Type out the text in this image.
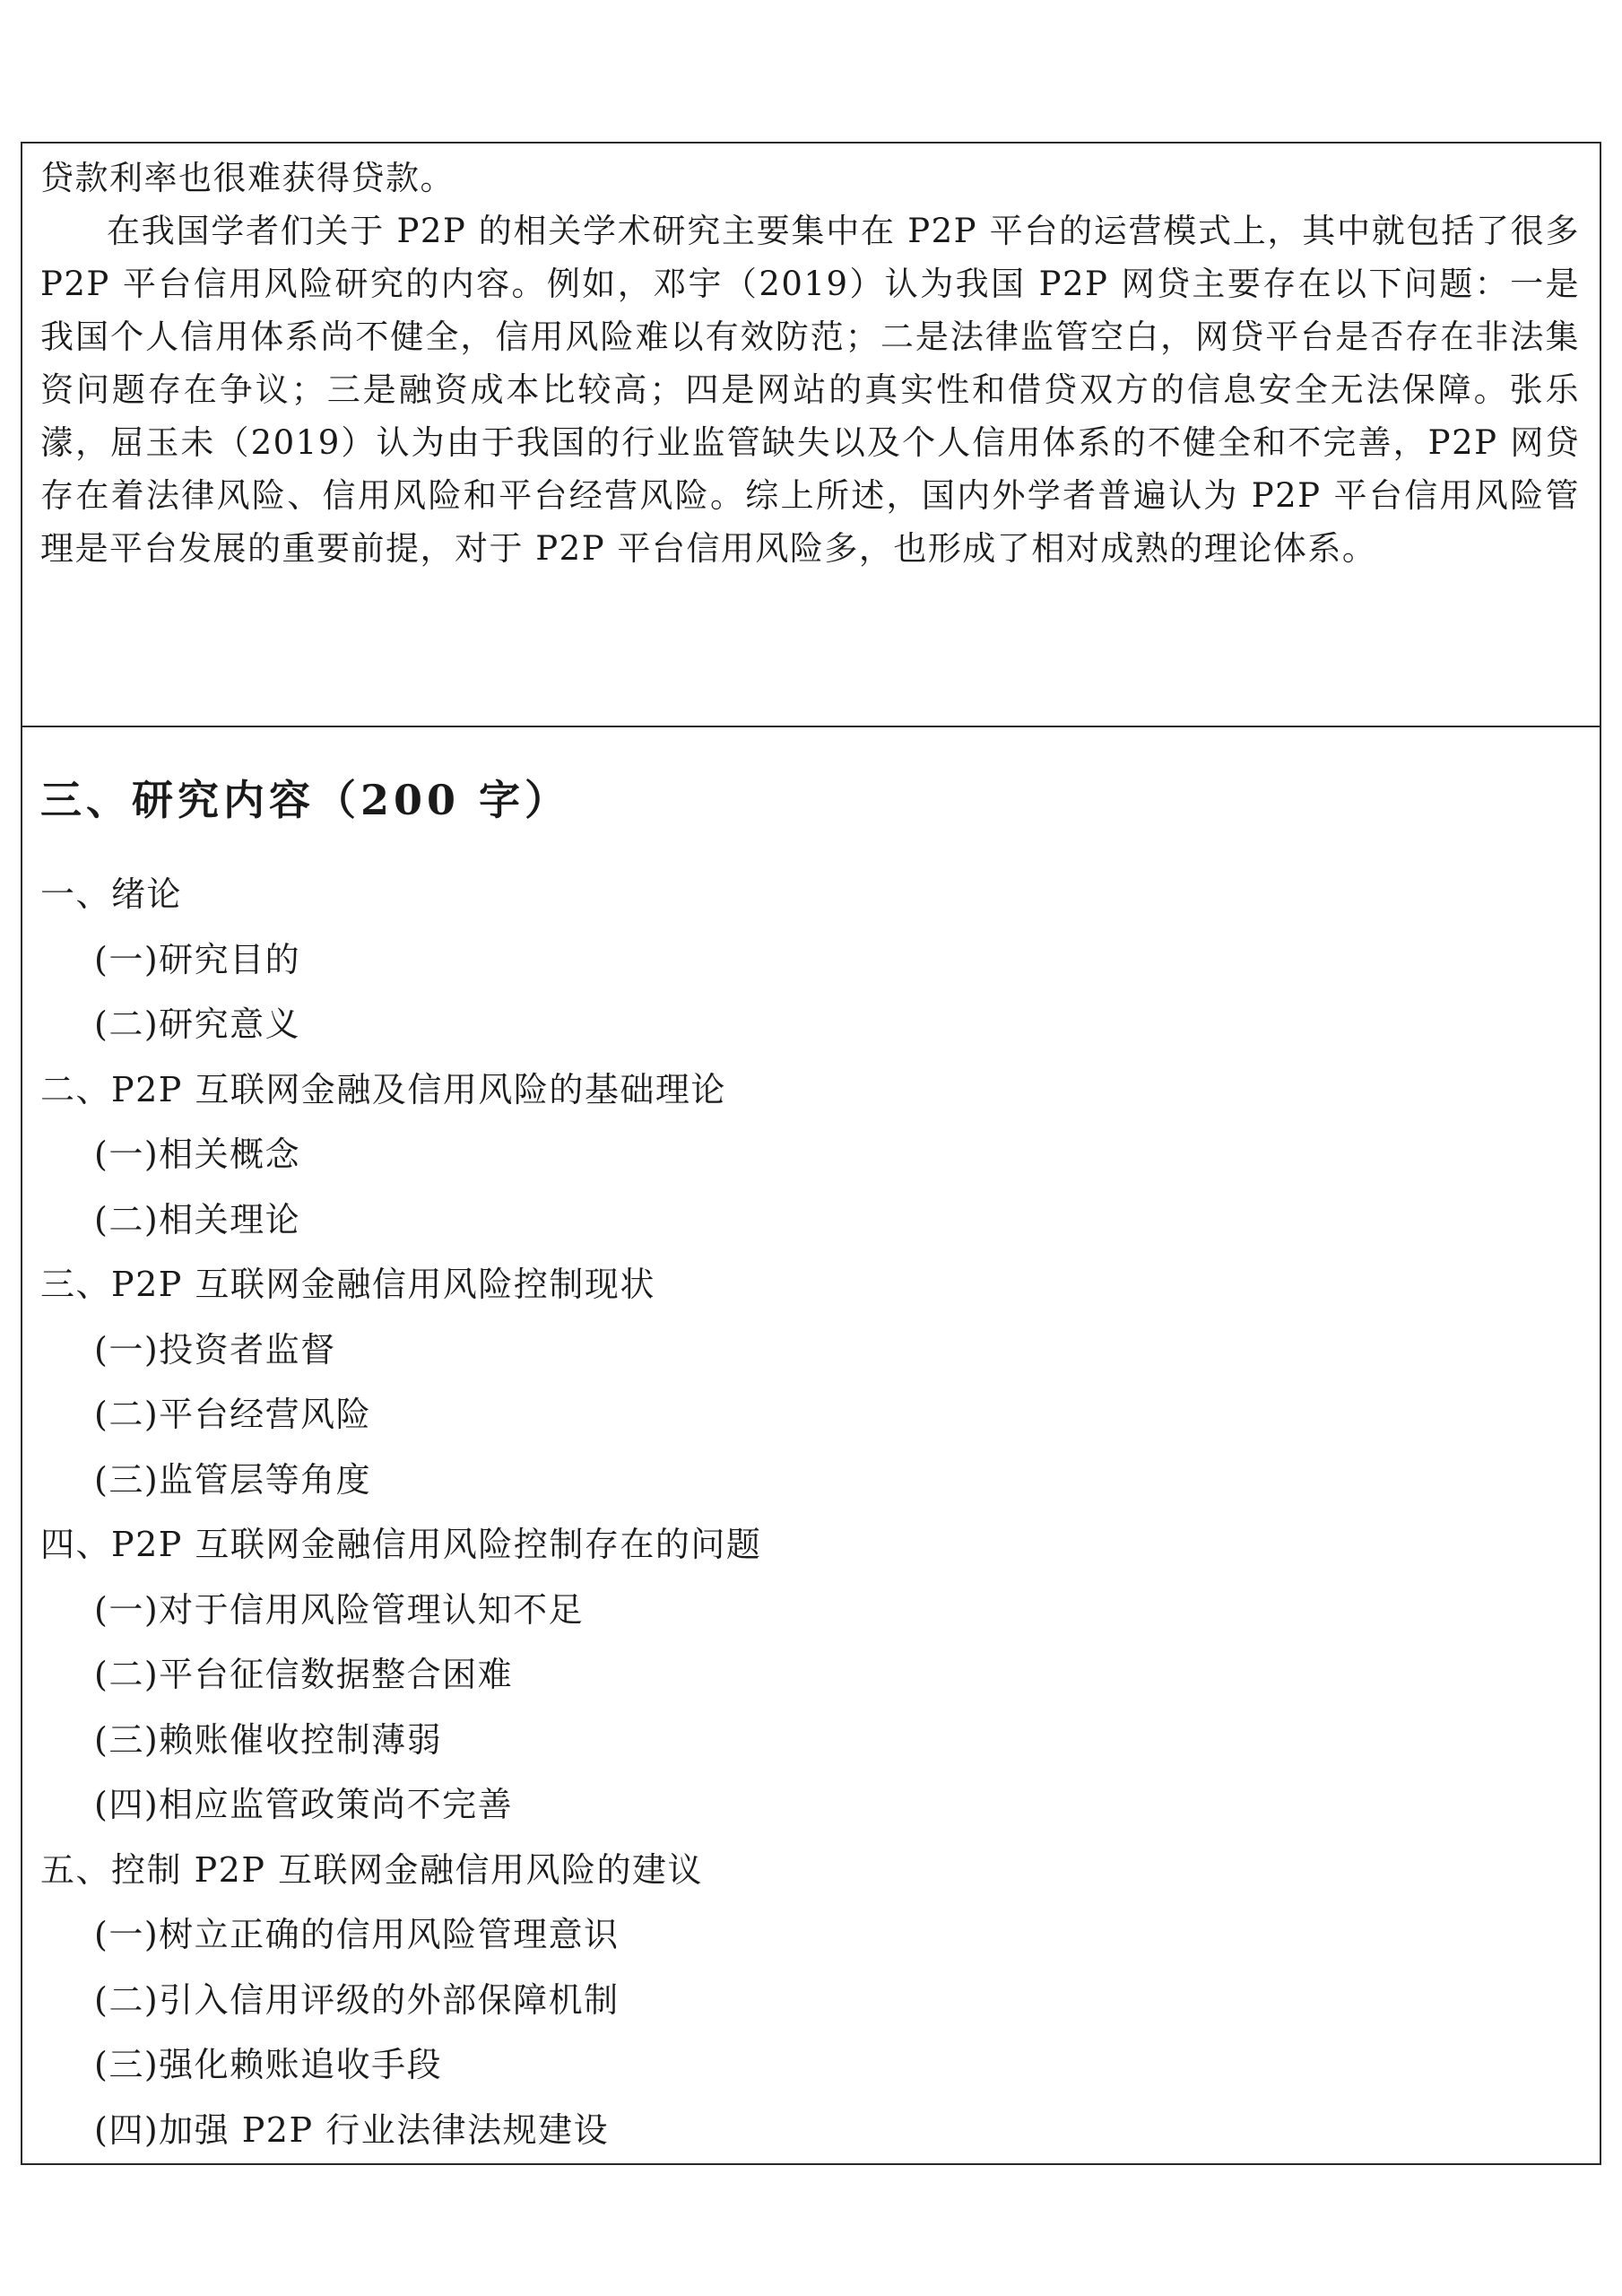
贷款利率也很难获得贷款。
在我国学者们关于 P2P 的相关学术研究主要集中在 P2P 平台的运营模式上，其中就包括了很多 P2P 平台信用风险研究的内容。例如，邓宇（2019）认为我国 P2P 网贷主要存在以下问题：一是我国个人信用体系尚不健全，信用风险难以有效防范；二是法律监管空白，网贷平台是否存在非法集资问题存在争议；三是融资成本比较高；四是网站的真实性和借贷双方的信息安全无法保障。张乐濛，屈玉未（2019）认为由于我国的行业监管缺失以及个人信用体系的不健全和不完善，P2P 网贷存在着法律风险、信用风险和平台经营风险。综上所述，国内外学者普遍认为 P2P 平台信用风险管理是平台发展的重要前提，对于 P2P 平台信用风险多，也形成了相对成熟的理论体系。
三、研究内容（200 字）
一、绪论
(一)研究目的
(二)研究意义
二、P2P 互联网金融及信用风险的基础理论
(一)相关概念
(二)相关理论
三、P2P 互联网金融信用风险控制现状
(一)投资者监督
(二)平台经营风险
(三)监管层等角度
四、P2P 互联网金融信用风险控制存在的问题
(一)对于信用风险管理认知不足
(二)平台征信数据整合困难
(三)赖账催收控制薄弱
(四)相应监管政策尚不完善
五、控制 P2P 互联网金融信用风险的建议
(一)树立正确的信用风险管理意识
(二)引入信用评级的外部保障机制
(三)强化赖账追收手段
(四)加强 P2P 行业法律法规建设
